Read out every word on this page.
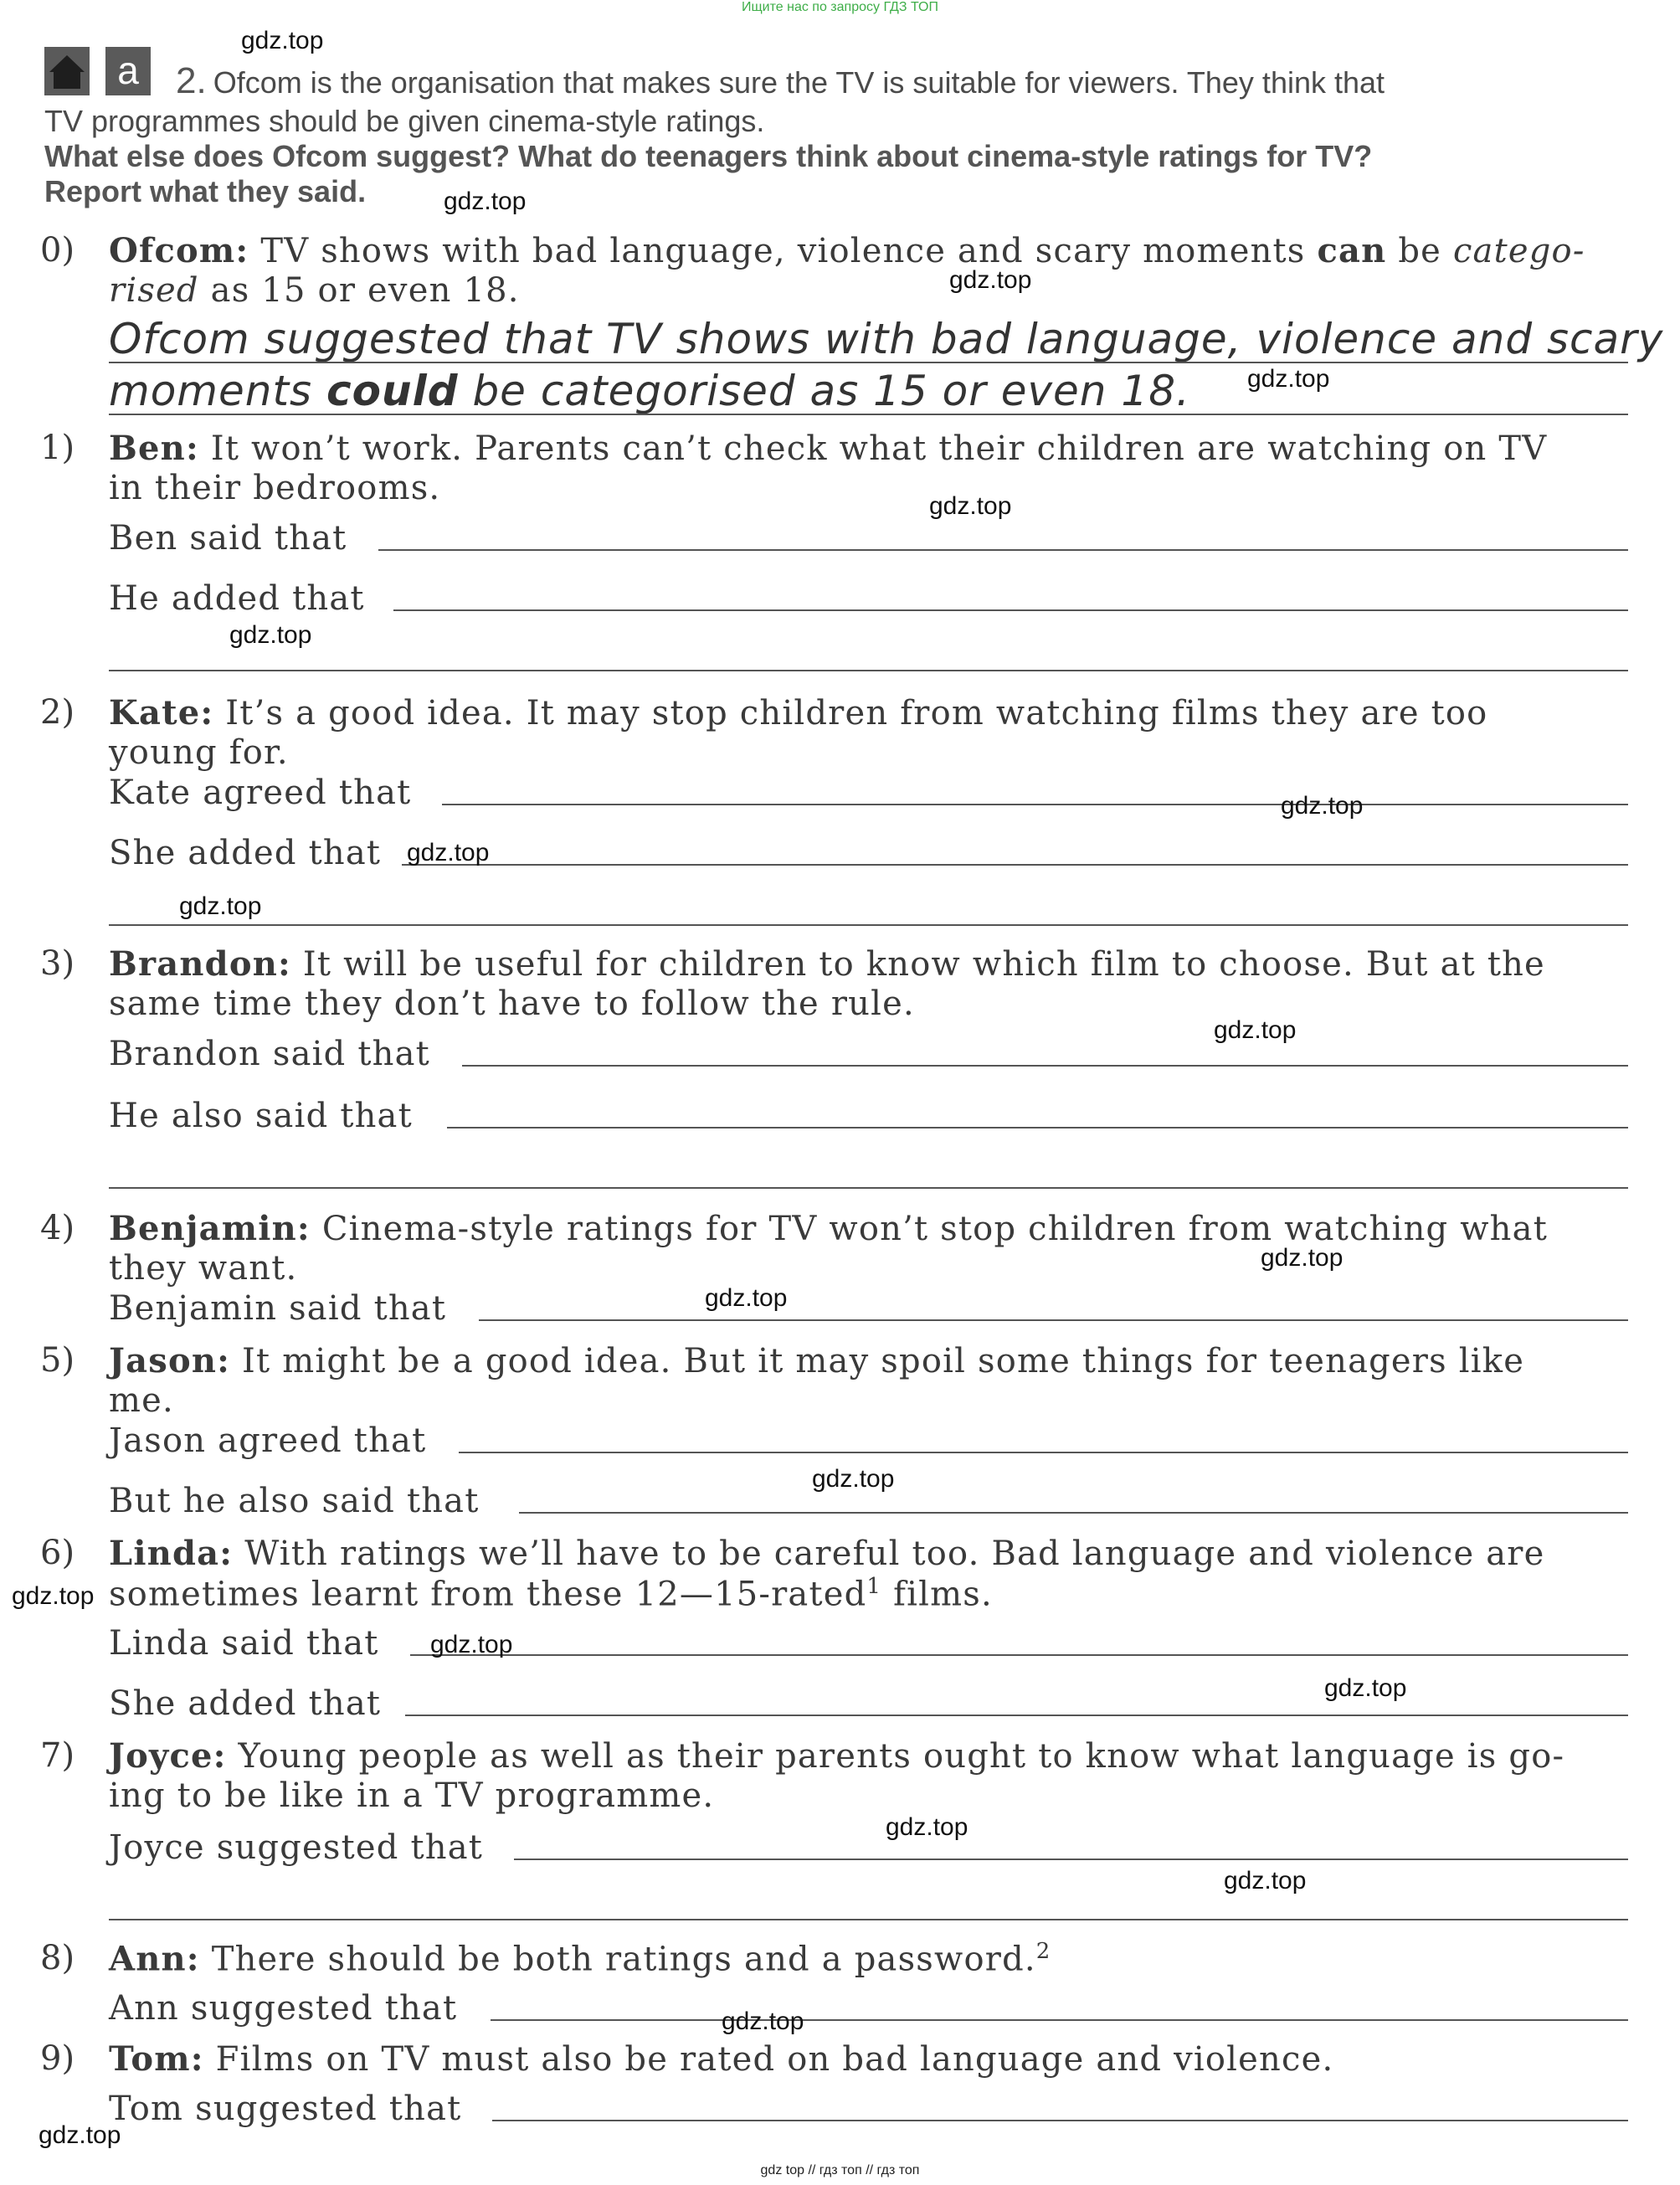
Ищите нас по запросу ГДЗ ТОП
gdz top // гдз топ // гдз топ
a 2. Ofcom is the organisation that makes sure the TV is suitable for viewers. They think that
TV programmes should be given cinema-style ratings.
What else does Ofcom suggest? What do teenagers think about cinema-style ratings for TV?
Report what they said.
0) Ofcom: TV shows with bad language, violence and scary moments can be catego-
rised as 15 or even 18.
Ofcom suggested that TV shows with bad language, violence and scary
moments could be categorised as 15 or even 18.
1) Ben: It won’t work. Parents can’t check what their children are watching on TV
in their bedrooms.
Ben said that
He added that
2) Kate: It’s a good idea. It may stop children from watching films they are too
young for.
Kate agreed that
She added that
3) Brandon: It will be useful for children to know which film to choose. But at the
same time they don’t have to follow the rule.
Brandon said that
He also said that
4) Benjamin: Cinema-style ratings for TV won’t stop children from watching what
they want.
Benjamin said that
5) Jason: It might be a good idea. But it may spoil some things for teenagers like
me.
Jason agreed that
But he also said that
6) Linda: With ratings we’ll have to be careful too. Bad language and violence are
sometimes learnt from these 12—15-rated$^1$ films.
Linda said that
She added that
7) Joyce: Young people as well as their parents ought to know what language is go-
ing to be like in a TV programme.
Joyce suggested that
8) Ann: There should be both ratings and a password.$^2$
Ann suggested that
9) Tom: Films on TV must also be rated on bad language and violence.
Tom suggested that
gdz.top
gdz.top
gdz.top
gdz.top
gdz.top
gdz.top
gdz.top
gdz.top
gdz.top
gdz.top
gdz.top
gdz.top
gdz.top
gdz.top
gdz.top
gdz.top
gdz.top
gdz.top
gdz.top
gdz.top
